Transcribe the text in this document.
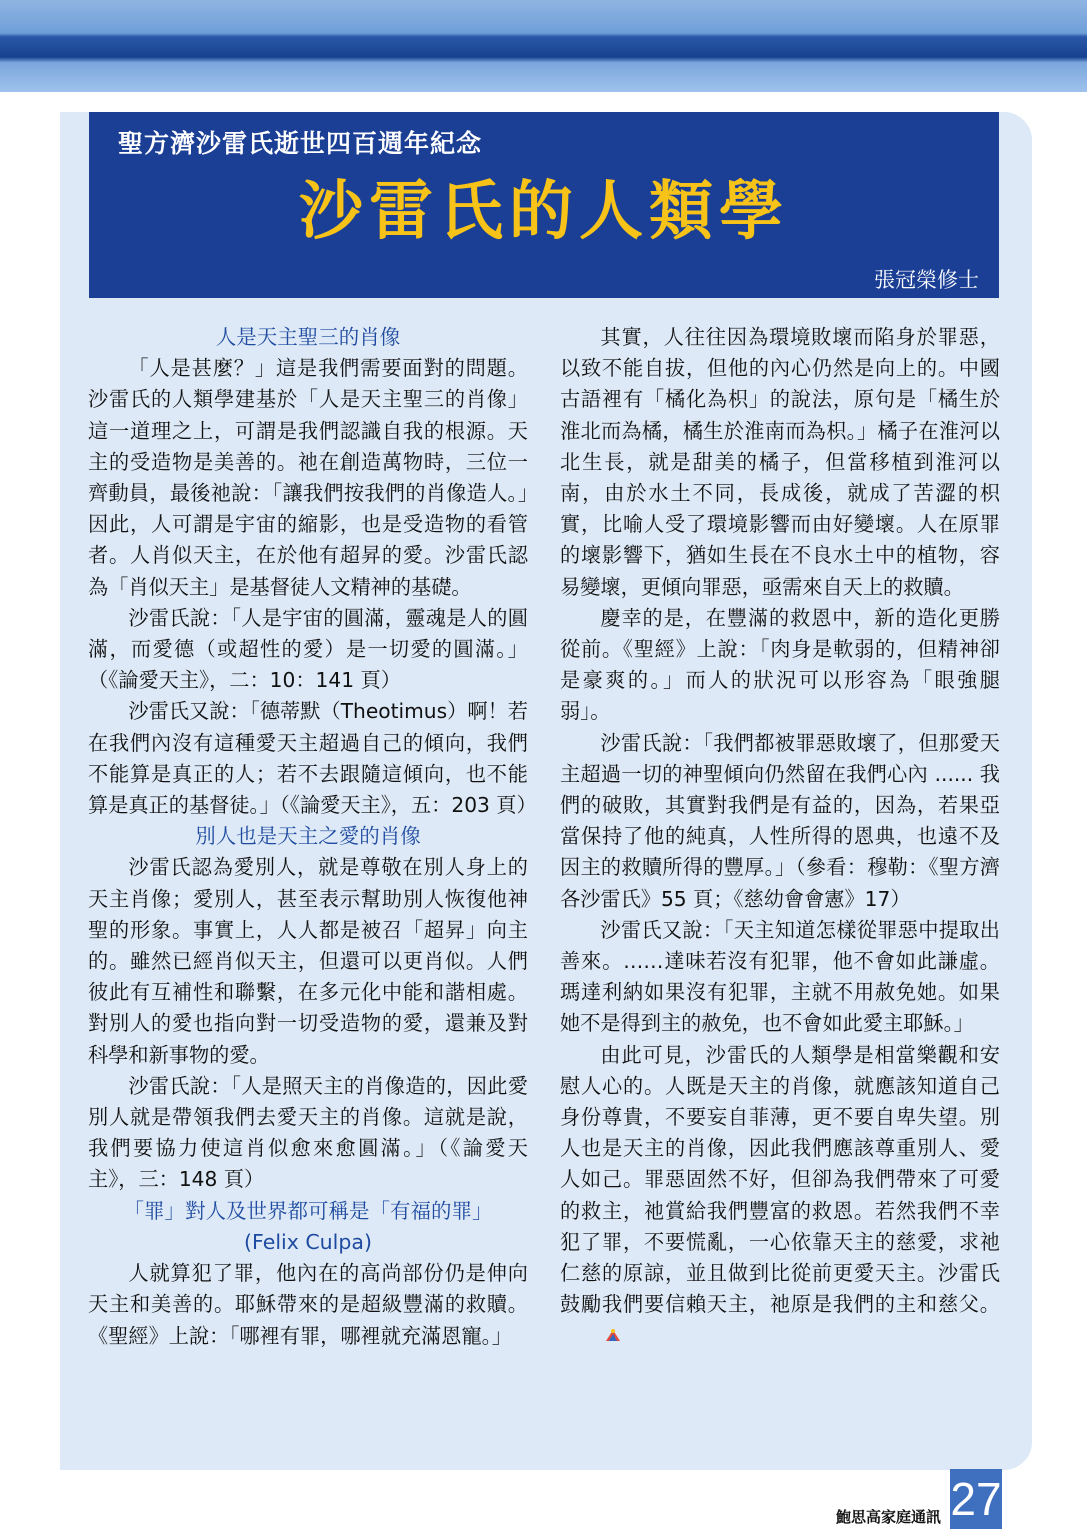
聖方濟沙雷氏逝世四百週年紀念
沙雷氏的人類學
張冠榮修士
人是天主聖三的肖像

「人是甚麼？」這是我們需要面對的問題。沙雷氏的人類學建基於「人是天主聖三的肖像」這一道理之上，可謂是我們認識自我的根源。天主的受造物是美善的。祂在創造萬物時，三位一齊動員，最後祂說：「讓我們按我們的肖像造人。」因此，人可謂是宇宙的縮影，也是受造物的看管者。人肖似天主，在於他有超昇的愛。沙雷氏認為「肖似天主」是基督徒人文精神的基礎。

沙雷氏說：「人是宇宙的圓滿，靈魂是人的圓滿，而愛德（或超性的愛）是一切愛的圓滿。」（《論愛天主》，二：10：141 頁）

沙雷氏又說：「德蒂默（Theotimus）啊！若在我們內沒有這種愛天主超過自己的傾向，我們不能算是真正的人；若不去跟隨這傾向，也不能算是真正的基督徒。」（《論愛天主》，五：203 頁）

別人也是天主之愛的肖像

沙雷氏認為愛別人，就是尊敬在別人身上的天主肖像；愛別人，甚至表示幫助別人恢復他神聖的形象。事實上，人人都是被召「超昇」向主的。雖然已經肖似天主，但還可以更肖似。人們彼此有互補性和聯繫，在多元化中能和諧相處。對別人的愛也指向對一切受造物的愛，還兼及對科學和新事物的愛。

沙雷氏說：「人是照天主的肖像造的，因此愛別人就是帶領我們去愛天主的肖像。這就是說，我們要協力使這肖似愈來愈圓滿。」（《論愛天主》，三：148 頁）

「罪」對人及世界都可稱是「有福的罪」
(Felix Culpa)

人就算犯了罪，他內在的高尚部份仍是伸向天主和美善的。耶穌帶來的是超級豐滿的救贖。《聖經》上說：「哪裡有罪，哪裡就充滿恩寵。」

其實，人往往因為環境敗壞而陷身於罪惡，以致不能自拔，但他的內心仍然是向上的。中國古語裡有「橘化為枳」的說法，原句是「橘生於淮北而為橘，橘生於淮南而為枳。」橘子在淮河以北生長，就是甜美的橘子，但當移植到淮河以南，由於水土不同，長成後，就成了苦澀的枳實，比喻人受了環境影響而由好變壞。人在原罪的壞影響下，猶如生長在不良水土中的植物，容易變壞，更傾向罪惡，亟需來自天上的救贖。

慶幸的是，在豐滿的救恩中，新的造化更勝從前。《聖經》上說：「肉身是軟弱的，但精神卻是豪爽的。」而人的狀況可以形容為「眼強腿弱」。

沙雷氏說：「我們都被罪惡敗壞了，但那愛天主超過一切的神聖傾向仍然留在我們心內 ...... 我們的破敗，其實對我們是有益的，因為，若果亞當保持了他的純真，人性所得的恩典，也遠不及因主的救贖所得的豐厚。」（參看：穆勒：《聖方濟各沙雷氏》55 頁；《慈幼會會憲》17）

沙雷氏又說：「天主知道怎樣從罪惡中提取出善來。……達味若沒有犯罪，他不會如此謙虛。瑪達利納如果沒有犯罪，主就不用赦免她。如果她不是得到主的赦免，也不會如此愛主耶穌。」

由此可見，沙雷氏的人類學是相當樂觀和安慰人心的。人既是天主的肖像，就應該知道自己身份尊貴，不要妄自菲薄，更不要自卑失望。別人也是天主的肖像，因此我們應該尊重別人、愛人如己。罪惡固然不好，但卻為我們帶來了可愛的救主，祂賞給我們豐富的救恩。若然我們不幸犯了罪，不要慌亂，一心依靠天主的慈愛，求祂仁慈的原諒，並且做到比從前更愛天主。沙雷氏鼓勵我們要信賴天主，祂原是我們的主和慈父。

鮑思高家庭通訊 27
